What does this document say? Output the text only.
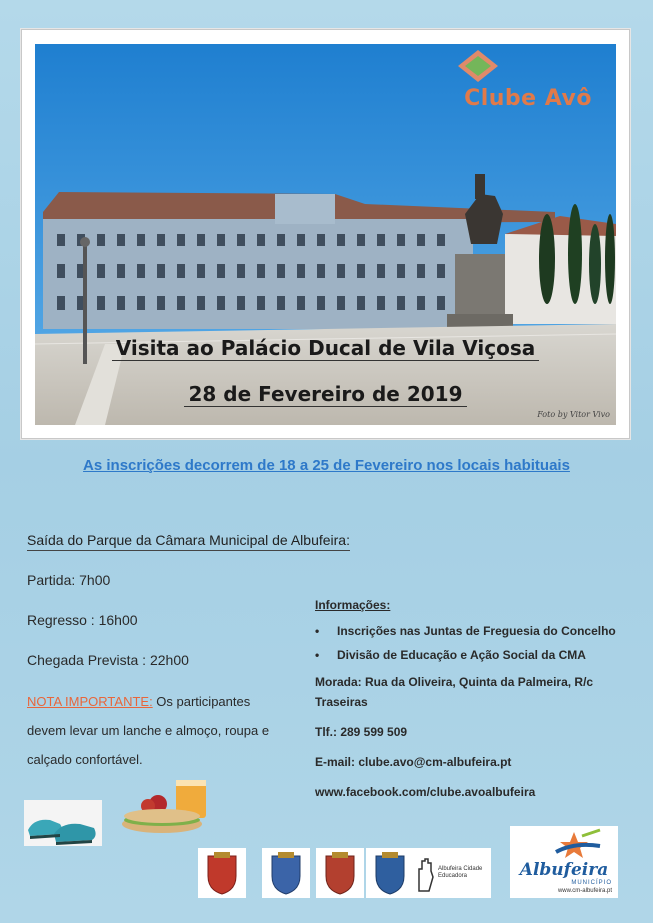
Clube Avô
Visita ao Palácio Ducal de Vila Viçosa
28 de Fevereiro de 2019
Foto by Vitor Vivo
As inscrições decorrem de 18 a 25 de Fevereiro nos locais habituais
Saída do Parque da Câmara Municipal de Albufeira:
Partida: 7h00
Regresso : 16h00
Chegada Prevista : 22h00
NOTA IMPORTANTE: Os participantes devem levar um lanche e almoço, roupa e calçado confortável.
Informações:
• Inscrições nas Juntas de Freguesia do Concelho
• Divisão de Educação e Ação Social da CMA
Morada: Rua da Oliveira, Quinta da Palmeira, R/c Traseiras
Tlf.: 289 599 509
E-mail: clube.avo@cm-albufeira.pt
www.facebook.com/clube.avoalbufeira
Albufeira Cidade Educadora	Albufeira
MUNICÍPIO
www.cm-albufeira.pt
